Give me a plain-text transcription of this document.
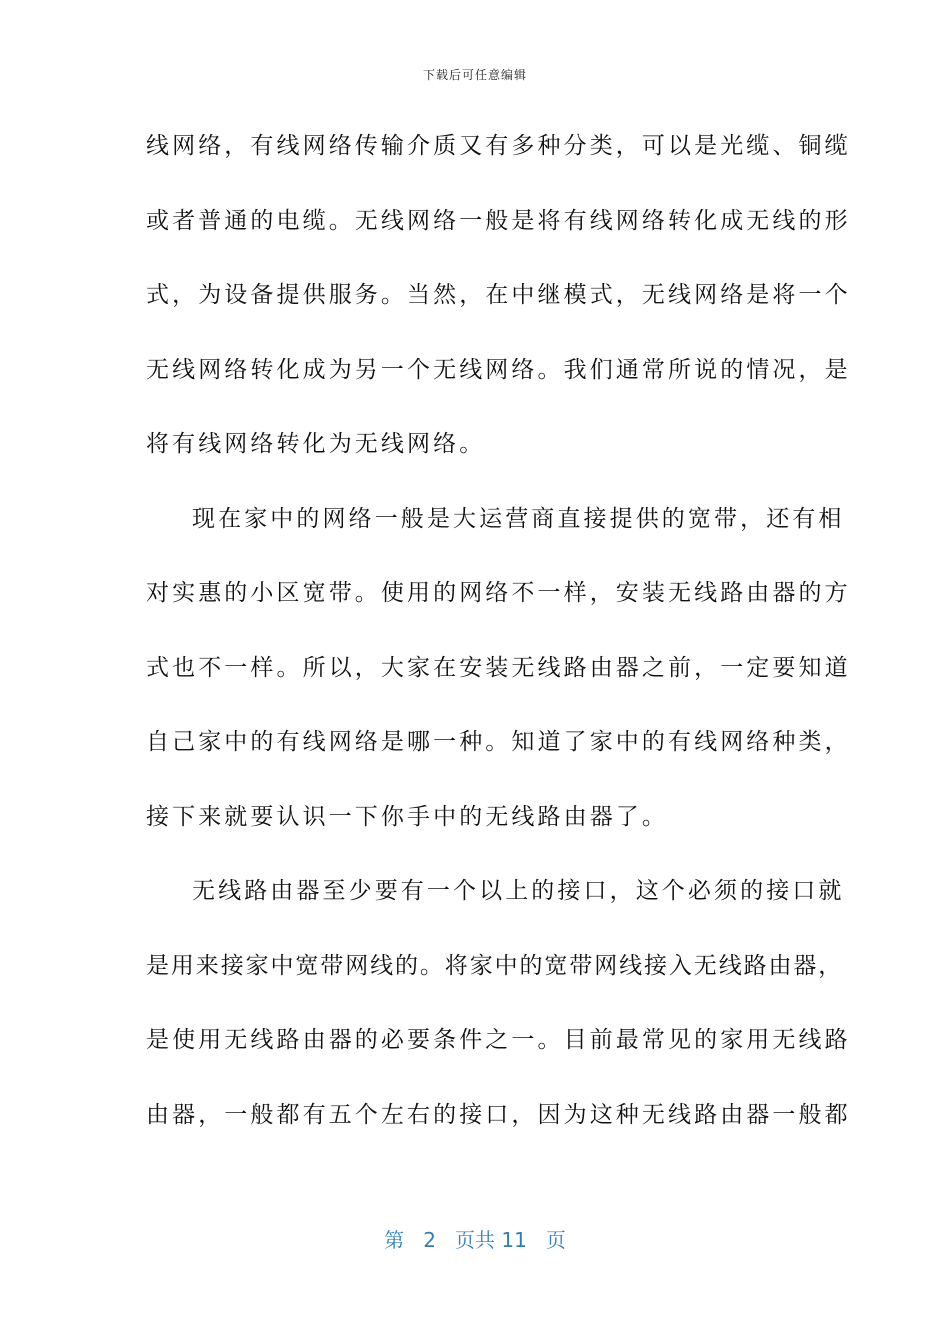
下载后可任意编辑
线网络，有线网络传输介质又有多种分类，可以是光缆、铜缆
或者普通的电缆。无线网络一般是将有线网络转化成无线的形
式，为设备提供服务。当然，在中继模式，无线网络是将一个
无线网络转化成为另一个无线网络。我们通常所说的情况，是
将有线网络转化为无线网络。
现在家中的网络一般是大运营商直接提供的宽带，还有相
对实惠的小区宽带。使用的网络不一样，安装无线路由器的方
式也不一样。所以，大家在安装无线路由器之前，一定要知道
自己家中的有线网络是哪一种。知道了家中的有线网络种类，
接下来就要认识一下你手中的无线路由器了。
无线路由器至少要有一个以上的接口，这个必须的接口就
是用来接家中宽带网线的。将家中的宽带网线接入无线路由器，
是使用无线路由器的必要条件之一。目前最常见的家用无线路
由器，一般都有五个左右的接口，因为这种无线路由器一般都
第 2 页共 11 页
